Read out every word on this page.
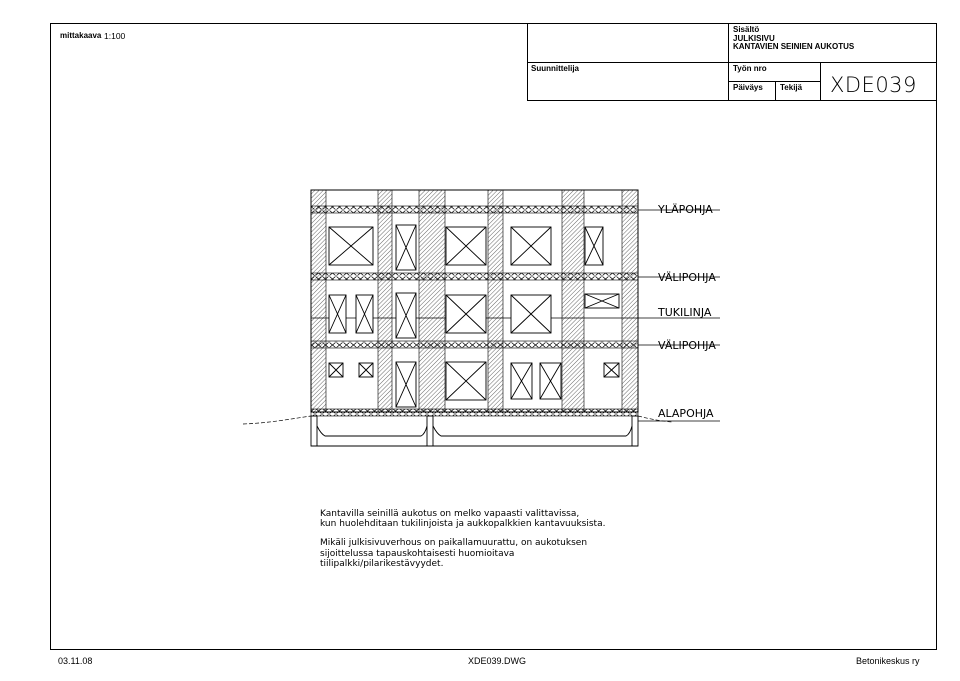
mittakaava 1:100
Sisältö
JULKISIVU
KANTAVIEN SEINIEN AUKOTUS
Suunnittelija	Työn nro
Päiväys Tekijä XDE039
YLÄPOHJA
VÄLIPOHJA
TUKILINJA
VÄLIPOHJA
ALAPOHJA
Kantavilla seinillä aukotus on melko vapaasti valittavissa,
kun huolehditaan tukilinjoista ja aukkopalkkien kantavuuksista.
Mikäli julkisivuverhous on paikallamuurattu, on aukotuksen
sijoittelussa tapauskohtaisesti huomioitava
tiilipalkki/pilarikestävyydet.
03.11.08	XDE039.DWG	Betonikeskus ry
